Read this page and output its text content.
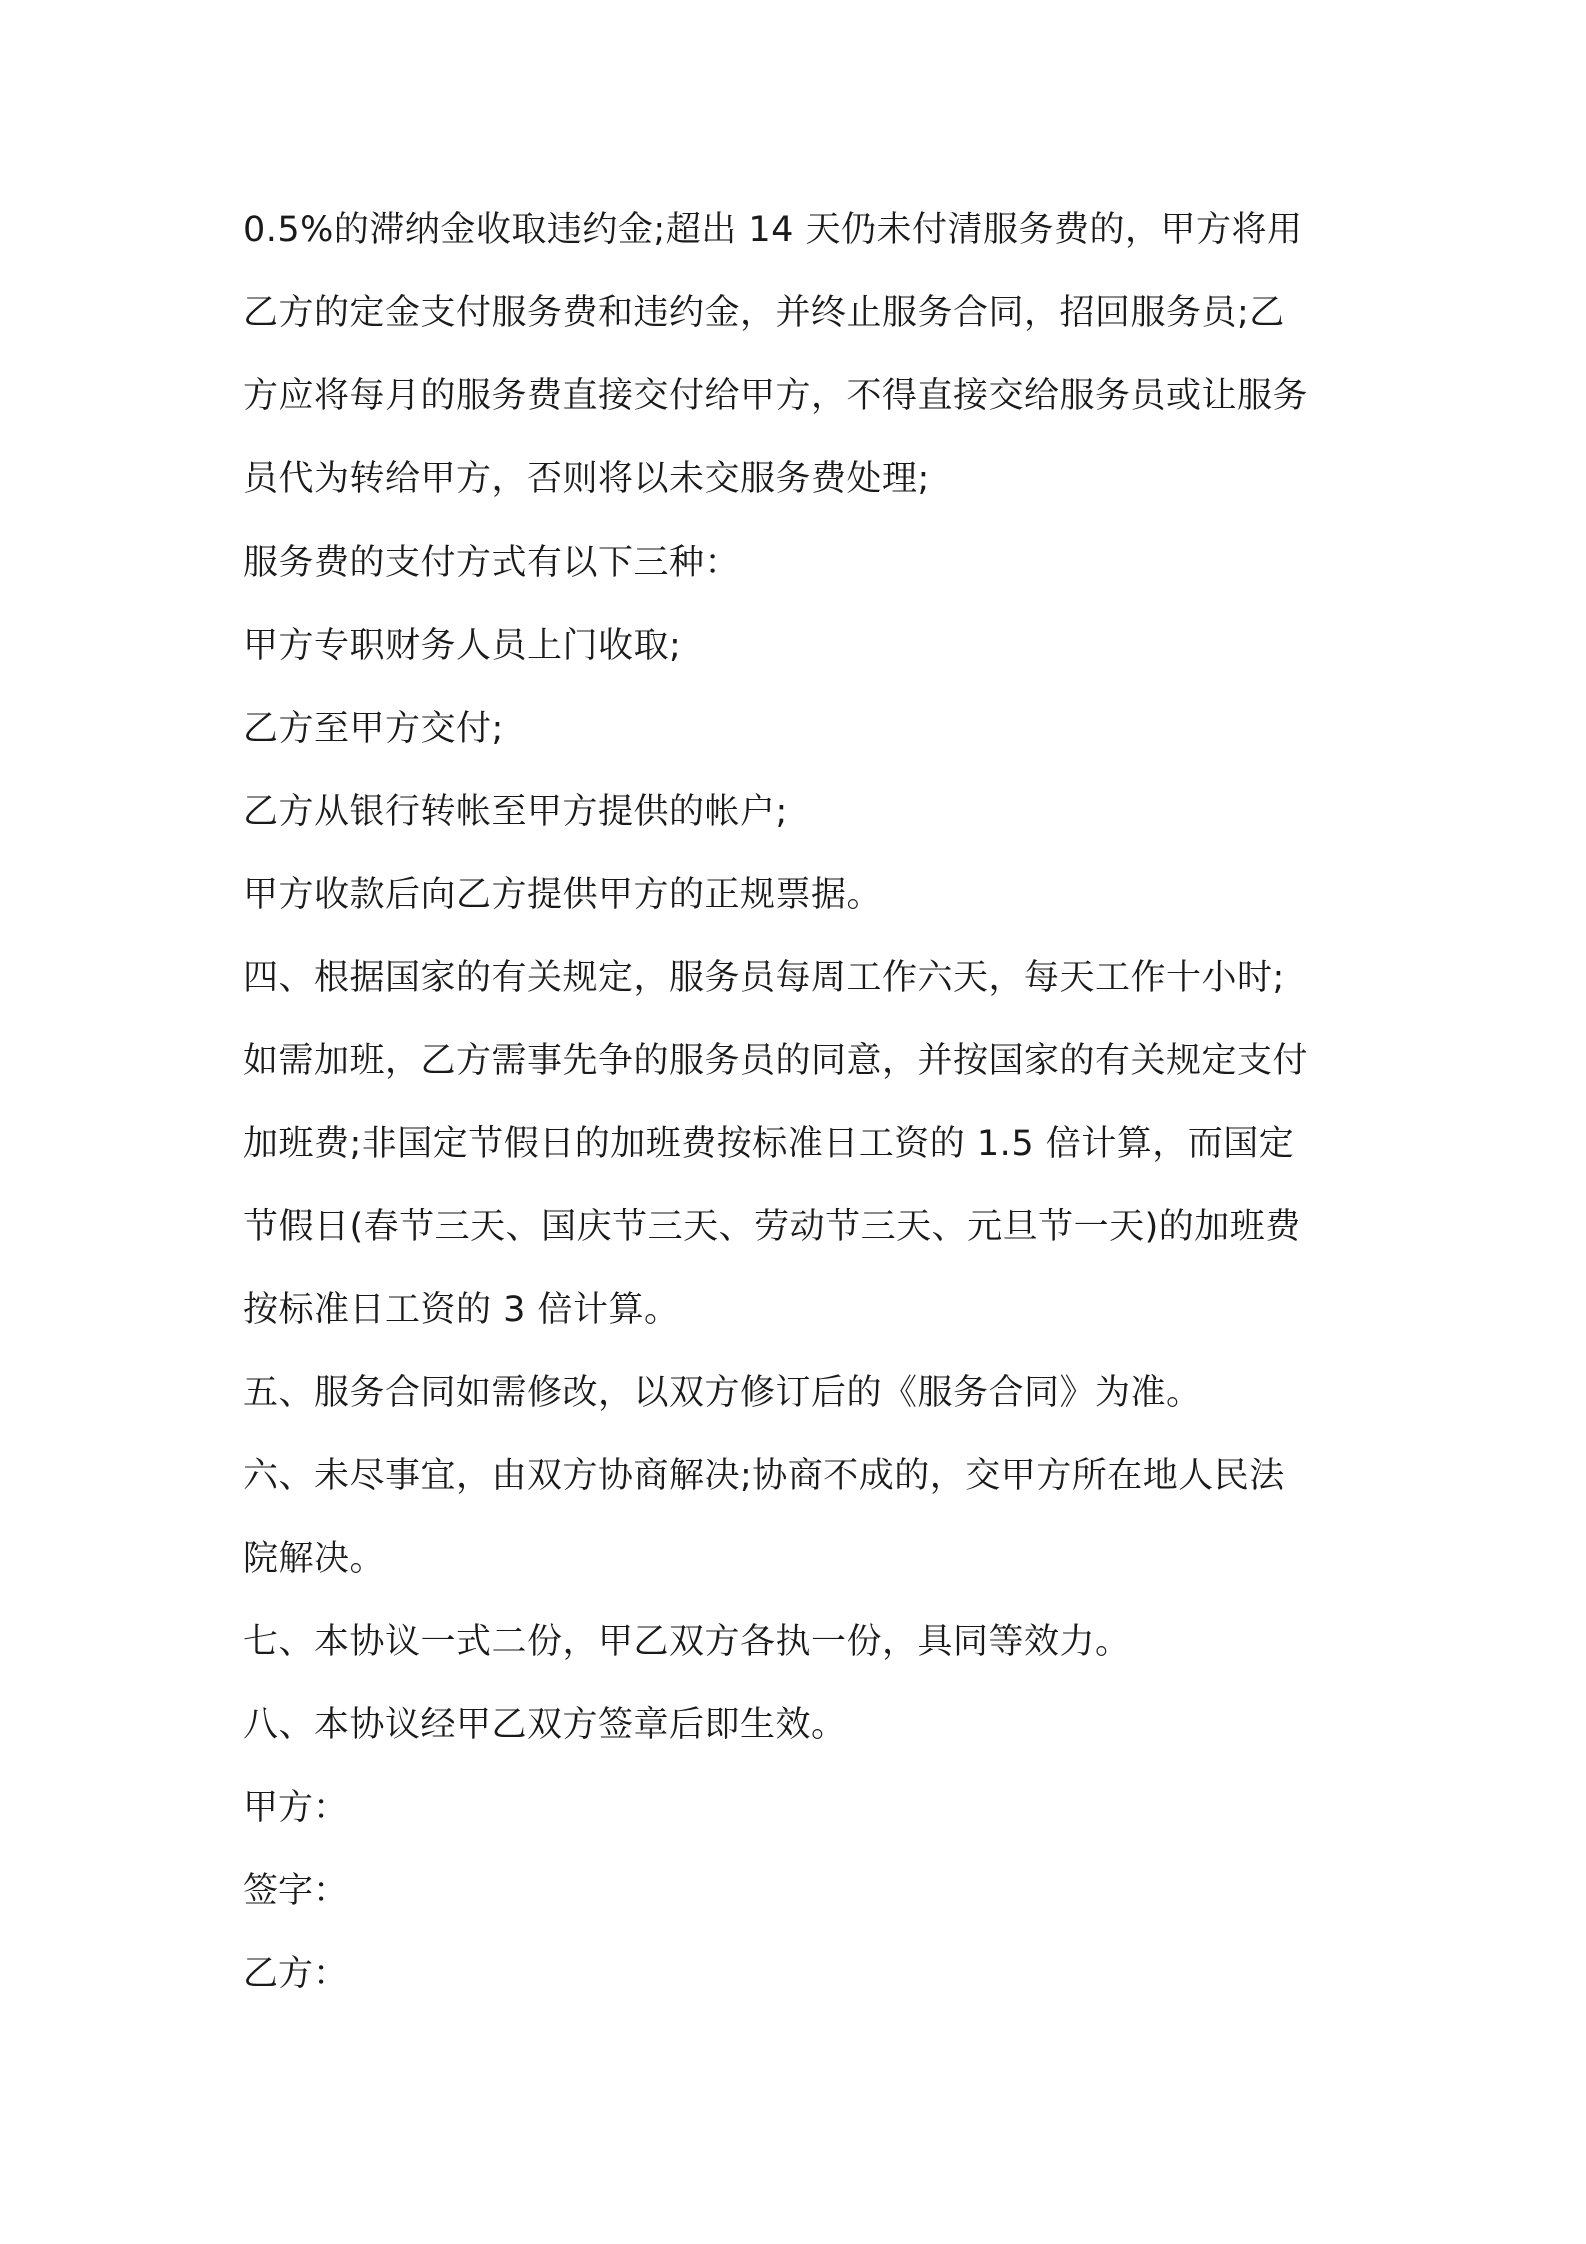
0.5%的滞纳金收取违约金;超出 14 天仍未付清服务费的，甲方将用
乙方的定金支付服务费和违约金，并终止服务合同，招回服务员;乙
方应将每月的服务费直接交付给甲方，不得直接交给服务员或让服务
员代为转给甲方，否则将以未交服务费处理;
服务费的支付方式有以下三种：
甲方专职财务人员上门收取;
乙方至甲方交付;
乙方从银行转帐至甲方提供的帐户;
甲方收款后向乙方提供甲方的正规票据。
四、根据国家的有关规定，服务员每周工作六天，每天工作十小时;
如需加班，乙方需事先争的服务员的同意，并按国家的有关规定支付
加班费;非国定节假日的加班费按标准日工资的 1.5 倍计算，而国定
节假日(春节三天、国庆节三天、劳动节三天、元旦节一天)的加班费
按标准日工资的 3 倍计算。
五、服务合同如需修改，以双方修订后的《服务合同》为准。
六、未尽事宜，由双方协商解决;协商不成的，交甲方所在地人民法
院解决。
七、本协议一式二份，甲乙双方各执一份，具同等效力。
八、本协议经甲乙双方签章后即生效。
甲方：
签字：
乙方：
